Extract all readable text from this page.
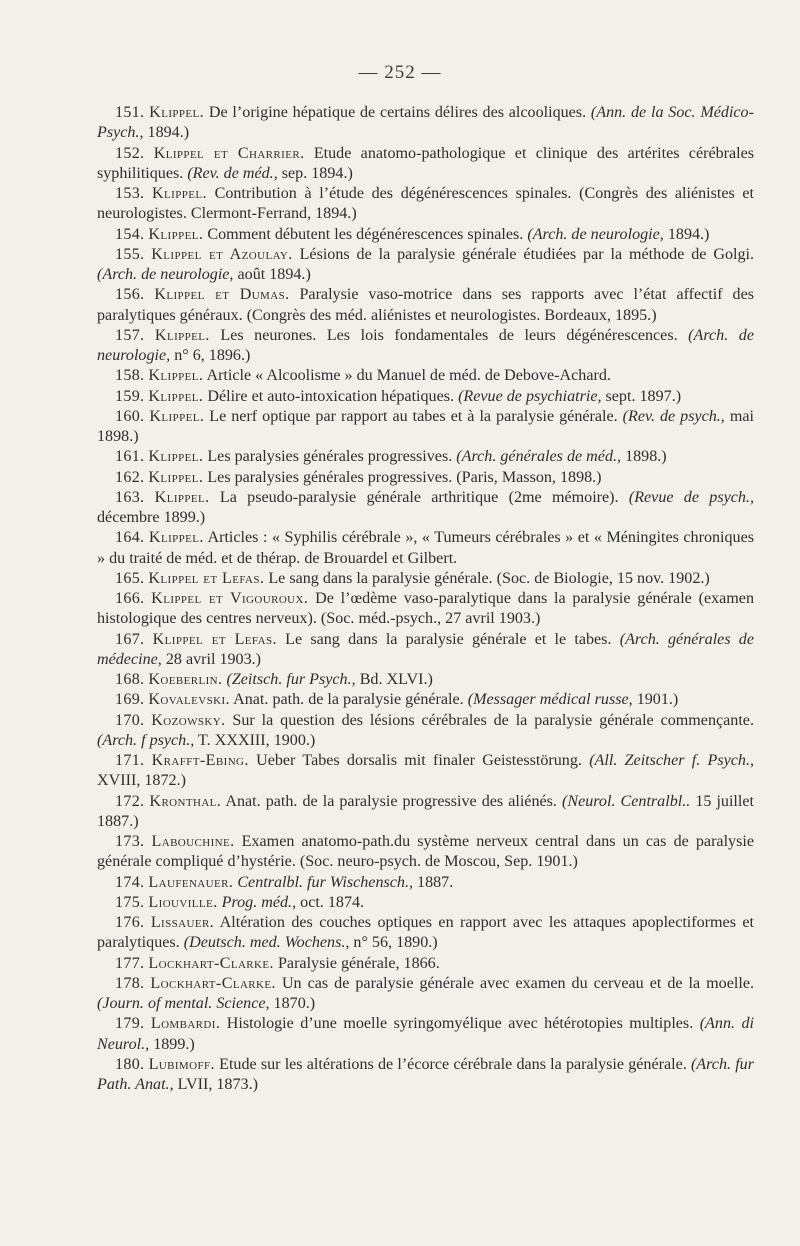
— 252 —

151. Klippel. De l’origine hépatique de certains délires des alcooliques. (Ann. de la Soc. Médico-Psych., 1894.)

152. Klippel et Charrier. Etude anatomo-pathologique et clinique des artérites cérébrales syphilitiques. (Rev. de méd., sep. 1894.)

153. Klippel. Contribution à l’étude des dégénérescences spinales. (Congrès des aliénistes et neurologistes. Clermont-Ferrand, 1894.)

154. Klippel. Comment débutent les dégénérescences spinales. (Arch. de neurologie, 1894.)

155. Klippel et Azoulay. Lésions de la paralysie générale étudiées par la méthode de Golgi. (Arch. de neurologie, août 1894.)

156. Klippel et Dumas. Paralysie vaso-motrice dans ses rapports avec l’état affectif des paralytiques généraux. (Congrès des méd. aliénistes et neurologistes. Bordeaux, 1895.)

157. Klippel. Les neurones. Les lois fondamentales de leurs dégénérescences. (Arch. de neurologie, n° 6, 1896.)

158. Klippel. Article « Alcoolisme » du Manuel de méd. de Debove-Achard.

159. Klippel. Délire et auto-intoxication hépatiques. (Revue de psychiatrie, sept. 1897.)

160. Klippel. Le nerf optique par rapport au tabes et à la paralysie générale. (Rev. de psych., mai 1898.)

161. Klippel. Les paralysies générales progressives. (Arch. générales de méd., 1898.)

162. Klippel. Les paralysies générales progressives. (Paris, Masson, 1898.)

163. Klippel. La pseudo-paralysie générale arthritique (2me mémoire). (Revue de psych., décembre 1899.)

164. Klippel. Articles : « Syphilis cérébrale », « Tumeurs cérébrales » et « Méningites chroniques » du traité de méd. et de thérap. de Brouardel et Gilbert.

165. Klippel et Lefas. Le sang dans la paralysie générale. (Soc. de Biologie, 15 nov. 1902.)

166. Klippel et Vigouroux. De l’œdème vaso-paralytique dans la paralysie générale (examen histologique des centres nerveux). (Soc. méd.-psych., 27 avril 1903.)

167. Klippel et Lefas. Le sang dans la paralysie générale et le tabes. (Arch. générales de médecine, 28 avril 1903.)

168. Koeberlin. (Zeitsch. fur Psych., Bd. XLVI.)

169. Kovalevski. Anat. path. de la paralysie générale. (Messager médical russe, 1901.)

170. Kozowsky. Sur la question des lésions cérébrales de la paralysie générale commençante. (Arch. f psych., T. XXXIII, 1900.)

171. Krafft-Ebing. Ueber Tabes dorsalis mit finaler Geistesstörung. (All. Zeitscher f. Psych., XVIII, 1872.)

172. Kronthal. Anat. path. de la paralysie progressive des aliénés. (Neurol. Centralbl.. 15 juillet 1887.)

173. Labouchine. Examen anatomo-path.du système nerveux central dans un cas de paralysie générale compliqué d’hystérie. (Soc. neuro-psych. de Moscou, Sep. 1901.)

174. Laufenauer. Centralbl. fur Wischensch., 1887.

175. Liouville. Prog. méd., oct. 1874.

176. Lissauer. Altération des couches optiques en rapport avec les attaques apoplectiformes et paralytiques. (Deutsch. med. Wochens., n° 56, 1890.)

177. Lockhart-Clarke. Paralysie générale, 1866.

178. Lockhart-Clarke. Un cas de paralysie générale avec examen du cerveau et de la moelle. (Journ. of mental. Science, 1870.)

179. Lombardi. Histologie d’une moelle syringomyélique avec hétérotopies multiples. (Ann. di Neurol., 1899.)

180. Lubimoff. Etude sur les altérations de l’écorce cérébrale dans la paralysie générale. (Arch. fur Path. Anat., LVII, 1873.)
